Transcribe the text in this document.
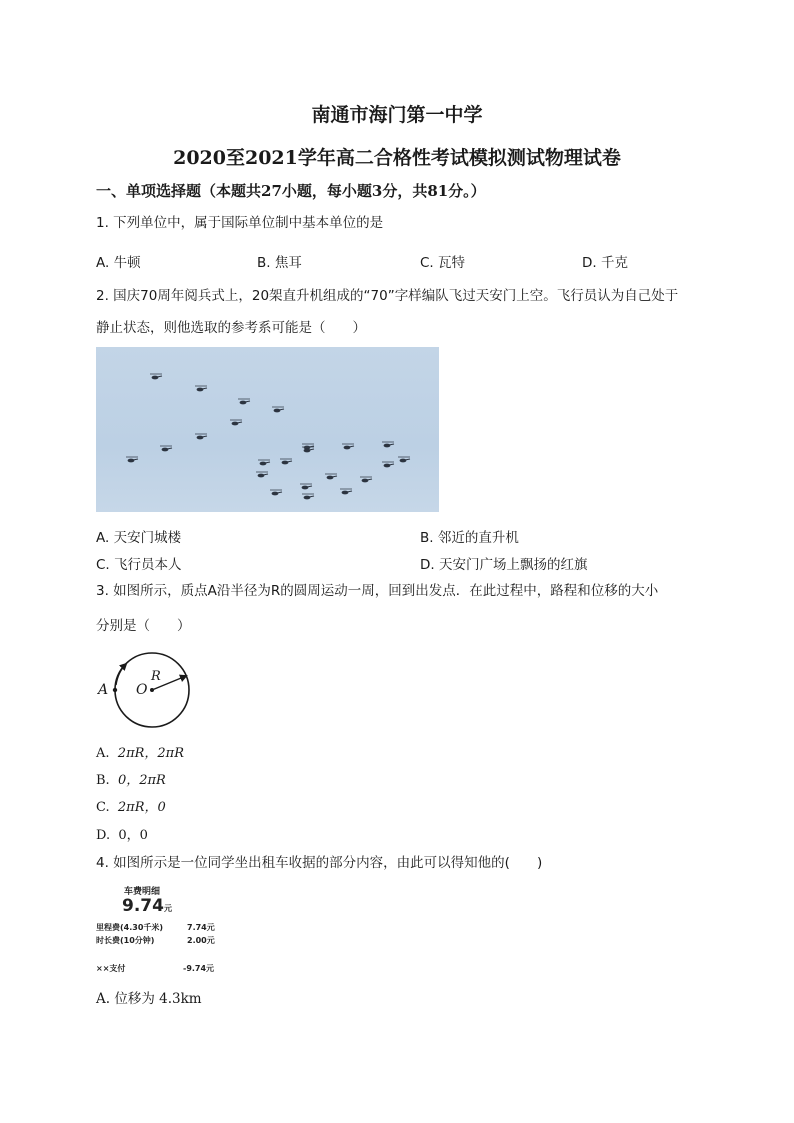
南通市海门第一中学
2020至2021学年高二合格性考试模拟测试物理试卷
一、单项选择题（本题共27小题，每小题3分，共81分。）
1. 下列单位中，属于国际单位制中基本单位的是
A. 牛顿	B. 焦耳	C. 瓦特	D. 千克
2. 国庆70周年阅兵式上，20架直升机组成的“70”字样编队飞过天安门上空。飞行员认为自己处于
静止状态，则他选取的参考系可能是（　　）
A. 天安门城楼	B. 邻近的直升机
C. 飞行员本人	D. 天安门广场上飘扬的红旗
3. 如图所示，质点A沿半径为R的圆周运动一周，回到出发点．在此过程中，路程和位移的大小
分别是（　　）
A O
R
A. 2πR，2πR
B. 0，2πR
C. 2πR，0
D. 0，0
4. 如图所示是一位同学坐出租车收据的部分内容，由此可以得知他的(　　)
车费明细
9.74元
里程费(4.30千米)	7.74元
时长费(10分钟)	2.00元
××支付	-9.74元
A. 位移为 4.3km
